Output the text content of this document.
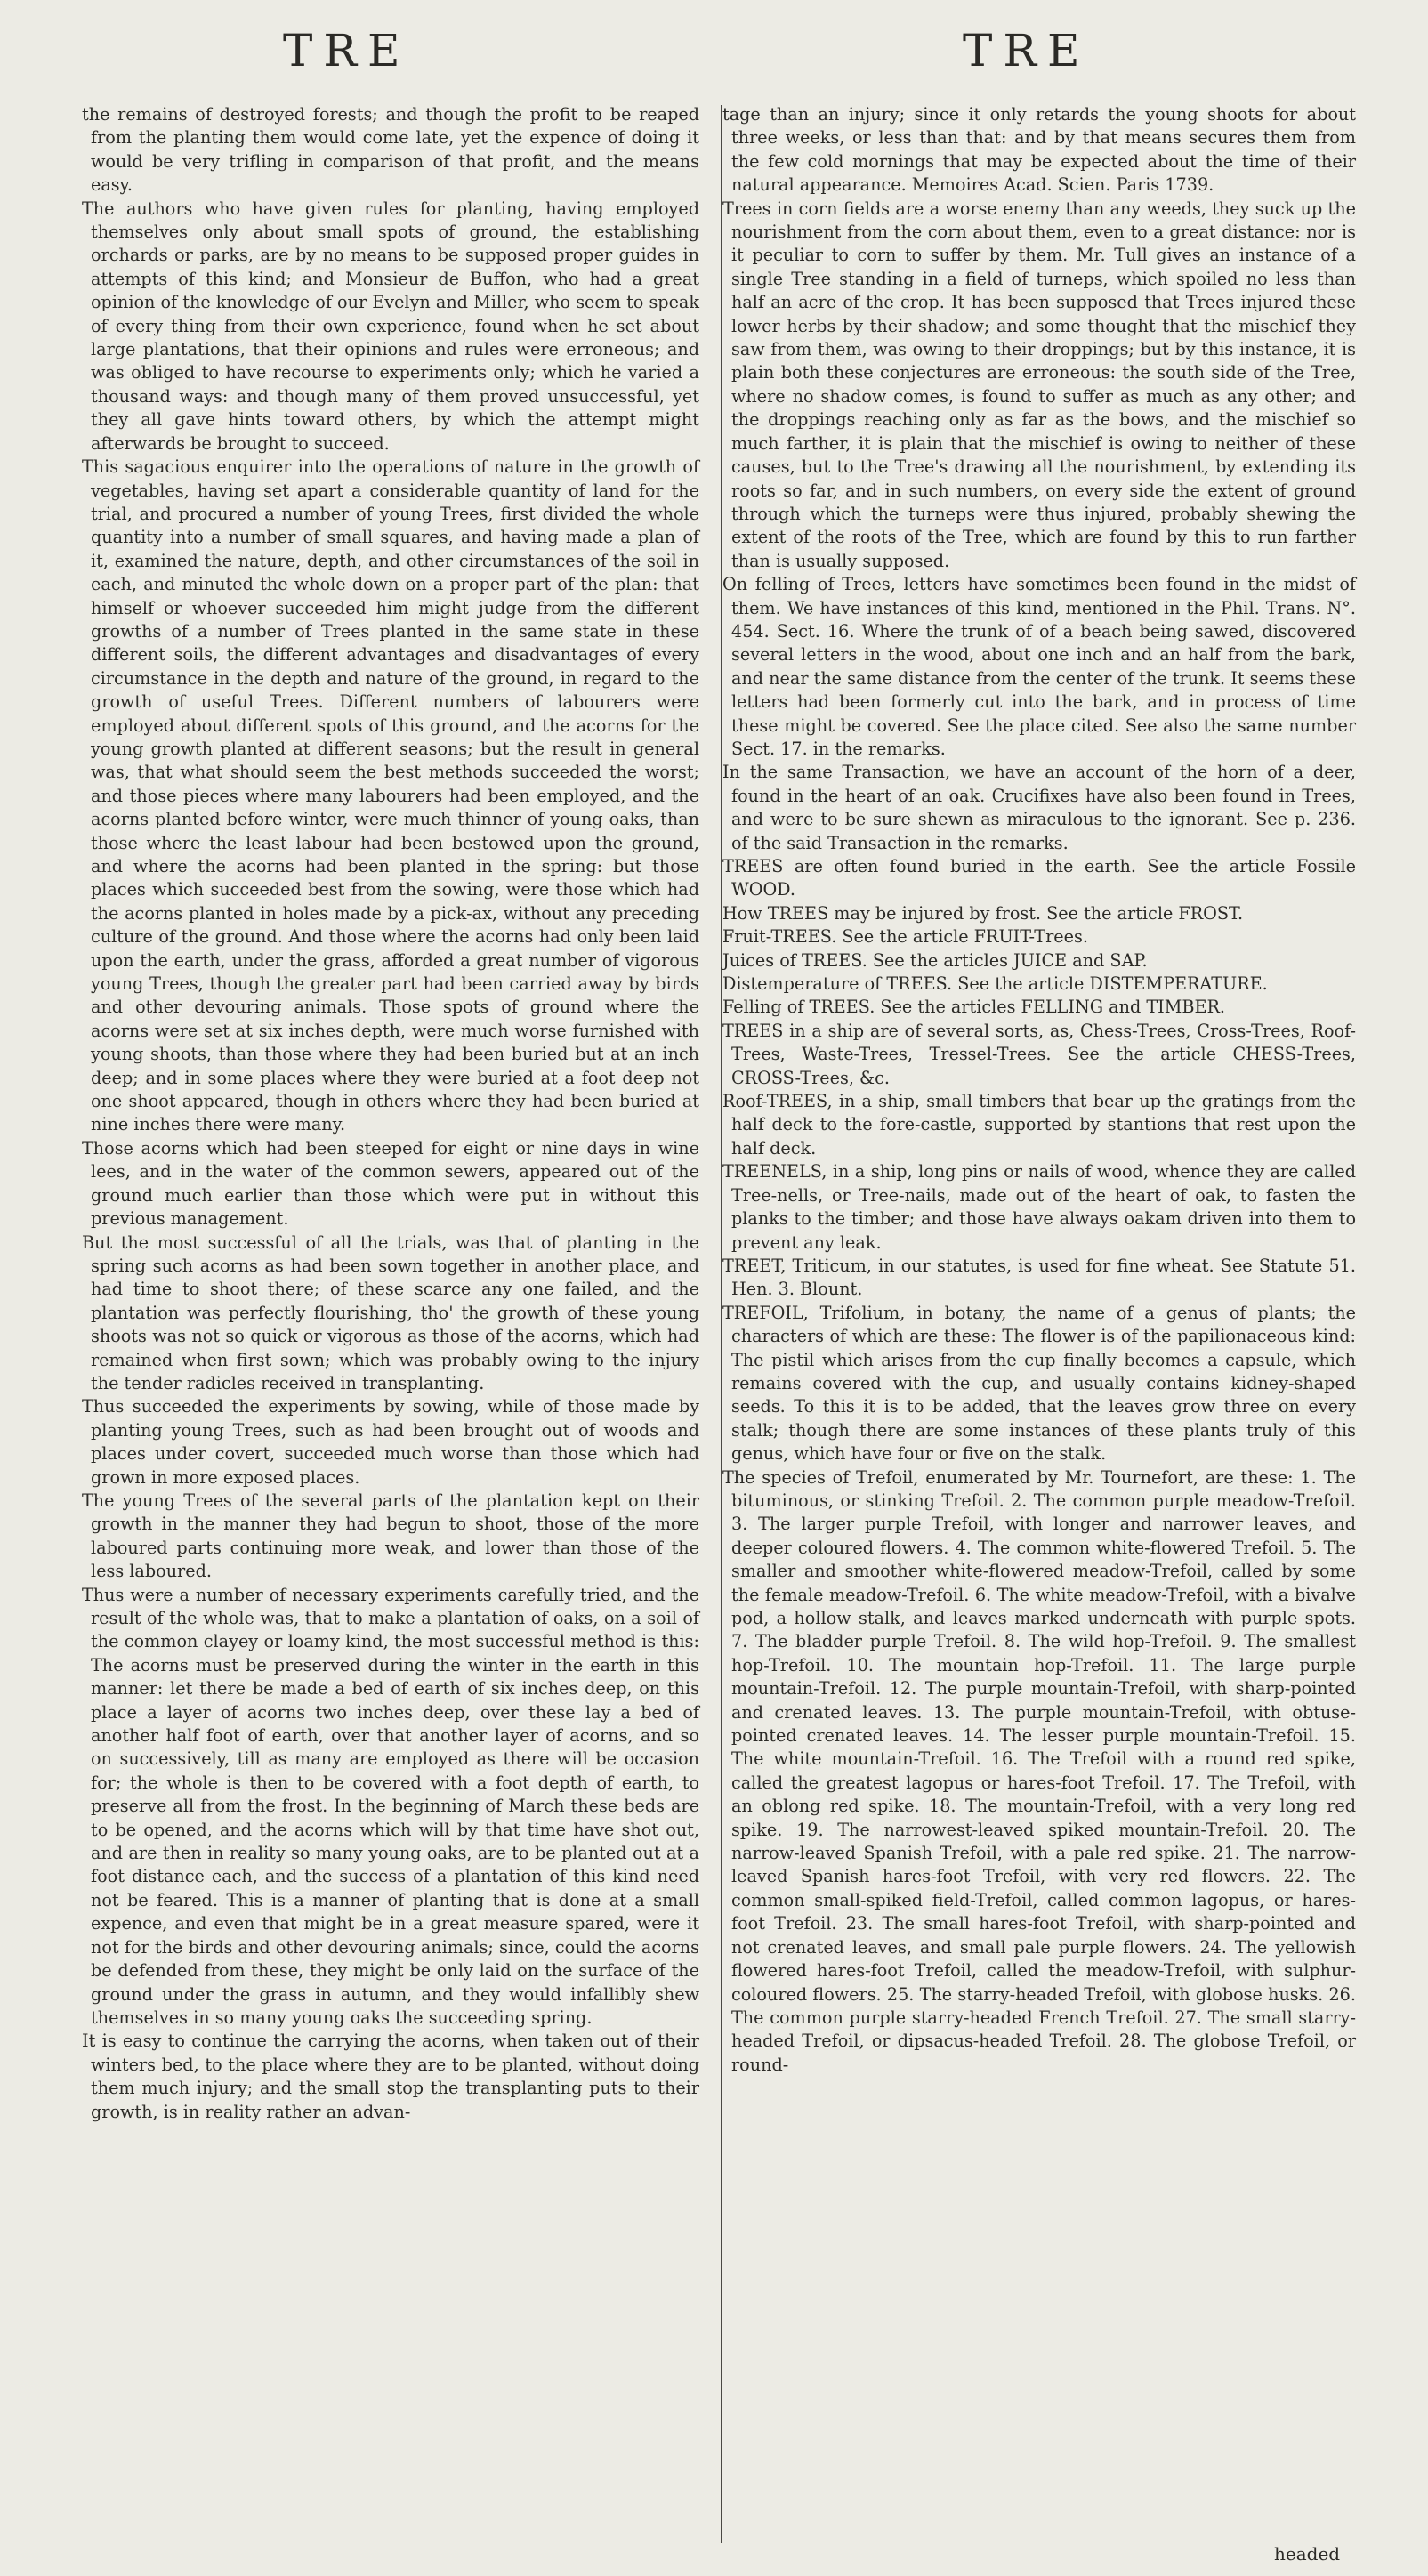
TRE	TRE

the remains of destroyed forests; and though the profit to be reaped from the planting them would come late, yet the expence of doing it would be very trifling in comparison of that profit, and the means easy.

The authors who have given rules for planting, having employed themselves only about small spots of ground, the establishing orchards or parks, are by no means to be supposed proper guides in attempts of this kind; and Monsieur de Buffon, who had a great opinion of the knowledge of our Evelyn and Miller, who seem to speak of every thing from their own experience, found when he set about large plantations, that their opinions and rules were erroneous; and was obliged to have recourse to experiments only; which he varied a thousand ways: and though many of them proved unsuccessful, yet they all gave hints toward others, by which the attempt might afterwards be brought to succeed.

This sagacious enquirer into the operations of nature in the growth of vegetables, having set apart a considerable quantity of land for the trial, and procured a number of young Trees, first divided the whole quantity into a number of small squares, and having made a plan of it, examined the nature, depth, and other circumstances of the soil in each, and minuted the whole down on a proper part of the plan: that himself or whoever succeeded him might judge from the different growths of a number of Trees planted in the same state in these different soils, the different advantages and disadvantages of every circumstance in the depth and nature of the ground, in regard to the growth of useful Trees. Different numbers of labourers were employed about different spots of this ground, and the acorns for the young growth planted at different seasons; but the result in general was, that what should seem the best methods succeeded the worst; and those pieces where many labourers had been employed, and the acorns planted before winter, were much thinner of young oaks, than those where the least labour had been bestowed upon the ground, and where the acorns had been planted in the spring: but those places which succeeded best from the sowing, were those which had the acorns planted in holes made by a pick-ax, without any preceding culture of the ground. And those where the acorns had only been laid upon the earth, under the grass, afforded a great number of vigorous young Trees, though the greater part had been carried away by birds and other devouring animals. Those spots of ground where the acorns were set at six inches depth, were much worse furnished with young shoots, than those where they had been buried but at an inch deep; and in some places where they were buried at a foot deep not one shoot appeared, though in others where they had been buried at nine inches there were many.

Those acorns which had been steeped for eight or nine days in wine lees, and in the water of the common sewers, appeared out of the ground much earlier than those which were put in without this previous management.

But the most successful of all the trials, was that of planting in the spring such acorns as had been sown together in another place, and had time to shoot there; of these scarce any one failed, and the plantation was perfectly flourishing, tho' the growth of these young shoots was not so quick or vigorous as those of the acorns, which had remained when first sown; which was probably owing to the injury the tender radicles received in transplanting.

Thus succeeded the experiments by sowing, while of those made by planting young Trees, such as had been brought out of woods and places under covert, succeeded much worse than those which had grown in more exposed places.

The young Trees of the several parts of the plantation kept on their growth in the manner they had begun to shoot, those of the more laboured parts continuing more weak, and lower than those of the less laboured.

Thus were a number of necessary experiments carefully tried, and the result of the whole was, that to make a plantation of oaks, on a soil of the common clayey or loamy kind, the most successful method is this: The acorns must be preserved during the winter in the earth in this manner: let there be made a bed of earth of six inches deep, on this place a layer of acorns two inches deep, over these lay a bed of another half foot of earth, over that another layer of acorns, and so on successively, till as many are employed as there will be occasion for; the whole is then to be covered with a foot depth of earth, to preserve all from the frost. In the beginning of March these beds are to be opened, and the acorns which will by that time have shot out, and are then in reality so many young oaks, are to be planted out at a foot distance each, and the success of a plantation of this kind need not be feared. This is a manner of planting that is done at a small expence, and even that might be in a great measure spared, were it not for the birds and other devouring animals; since, could the acorns be defended from these, they might be only laid on the surface of the ground under the grass in autumn, and they would infallibly shew themselves in so many young oaks the succeeding spring.

It is easy to continue the carrying the acorns, when taken out of their winters bed, to the place where they are to be planted, without doing them much injury; and the small stop the transplanting puts to their growth, is in reality rather an advan-

tage than an injury; since it only retards the young shoots for about three weeks, or less than that: and by that means secures them from the few cold mornings that may be expected about the time of their natural appearance. Memoires Acad. Scien. Paris 1739.

Trees in corn fields are a worse enemy than any weeds, they suck up the nourishment from the corn about them, even to a great distance: nor is it peculiar to corn to suffer by them. Mr. Tull gives an instance of a single Tree standing in a field of turneps, which spoiled no less than half an acre of the crop. It has been supposed that Trees injured these lower herbs by their shadow; and some thought that the mischief they saw from them, was owing to their droppings; but by this instance, it is plain both these conjectures are erroneous: the south side of the Tree, where no shadow comes, is found to suffer as much as any other; and the droppings reaching only as far as the bows, and the mischief so much farther, it is plain that the mischief is owing to neither of these causes, but to the Tree's drawing all the nourishment, by extending its roots so far, and in such numbers, on every side the extent of ground through which the turneps were thus injured, probably shewing the extent of the roots of the Tree, which are found by this to run farther than is usually supposed.

On felling of Trees, letters have sometimes been found in the midst of them. We have instances of this kind, mentioned in the Phil. Trans. N°. 454. Sect. 16. Where the trunk of of a beach being sawed, discovered several letters in the wood, about one inch and an half from the bark, and near the same distance from the center of the trunk. It seems these letters had been formerly cut into the bark, and in process of time these might be covered. See the place cited. See also the same number Sect. 17. in the remarks.

In the same Transaction, we have an account of the horn of a deer, found in the heart of an oak. Crucifixes have also been found in Trees, and were to be sure shewn as miraculous to the ignorant. See p. 236. of the said Transaction in the remarks.

TREES are often found buried in the earth. See the article Fossile WOOD.

How TREES may be injured by frost. See the article FROST.

Fruit-TREES. See the article FRUIT-Trees.

Juices of TREES. See the articles JUICE and SAP.

Distemperature of TREES. See the article DISTEMPERATURE.

Felling of TREES. See the articles FELLING and TIMBER.

TREES in a ship are of several sorts, as, Chess-Trees, Cross-Trees, Roof-Trees, Waste-Trees, Tressel-Trees. See the article CHESS-Trees, CROSS-Trees, &c.

Roof-TREES, in a ship, small timbers that bear up the gratings from the half deck to the fore-castle, supported by stantions that rest upon the half deck.

TREENELS, in a ship, long pins or nails of wood, whence they are called Tree-nells, or Tree-nails, made out of the heart of oak, to fasten the planks to the timber; and those have always oakam driven into them to prevent any leak.

TREET, Triticum, in our statutes, is used for fine wheat. See Statute 51. Hen. 3. Blount.

TREFOIL, Trifolium, in botany, the name of a genus of plants; the characters of which are these: The flower is of the papilionaceous kind: The pistil which arises from the cup finally becomes a capsule, which remains covered with the cup, and usually contains kidney-shaped seeds. To this it is to be added, that the leaves grow three on every stalk; though there are some instances of these plants truly of this genus, which have four or five on the stalk.

The species of Trefoil, enumerated by Mr. Tournefort, are these: 1. The bituminous, or stinking Trefoil. 2. The common purple meadow-Trefoil. 3. The larger purple Trefoil, with longer and narrower leaves, and deeper coloured flowers. 4. The common white-flowered Trefoil. 5. The smaller and smoother white-flowered meadow-Trefoil, called by some the female meadow-Trefoil. 6. The white meadow-Trefoil, with a bivalve pod, a hollow stalk, and leaves marked underneath with purple spots. 7. The bladder purple Trefoil. 8. The wild hop-Trefoil. 9. The smallest hop-Trefoil. 10. The mountain hop-Trefoil. 11. The large purple mountain-Trefoil. 12. The purple mountain-Trefoil, with sharp-pointed and crenated leaves. 13. The purple mountain-Trefoil, with obtuse-pointed crenated leaves. 14. The lesser purple mountain-Trefoil. 15. The white mountain-Trefoil. 16. The Trefoil with a round red spike, called the greatest lagopus or hares-foot Trefoil. 17. The Trefoil, with an oblong red spike. 18. The mountain-Trefoil, with a very long red spike. 19. The narrowest-leaved spiked mountain-Trefoil. 20. The narrow-leaved Spanish Trefoil, with a pale red spike. 21. The narrow-leaved Spanish hares-foot Trefoil, with very red flowers. 22. The common small-spiked field-Trefoil, called common lagopus, or hares-foot Trefoil. 23. The small hares-foot Trefoil, with sharp-pointed and not crenated leaves, and small pale purple flowers. 24. The yellowish flowered hares-foot Trefoil, called the meadow-Trefoil, with sulphur-coloured flowers. 25. The starry-headed Trefoil, with globose husks. 26. The common purple starry-headed French Trefoil. 27. The small starry-headed Trefoil, or dipsacus-headed Trefoil. 28. The globose Trefoil, or round-

headed
